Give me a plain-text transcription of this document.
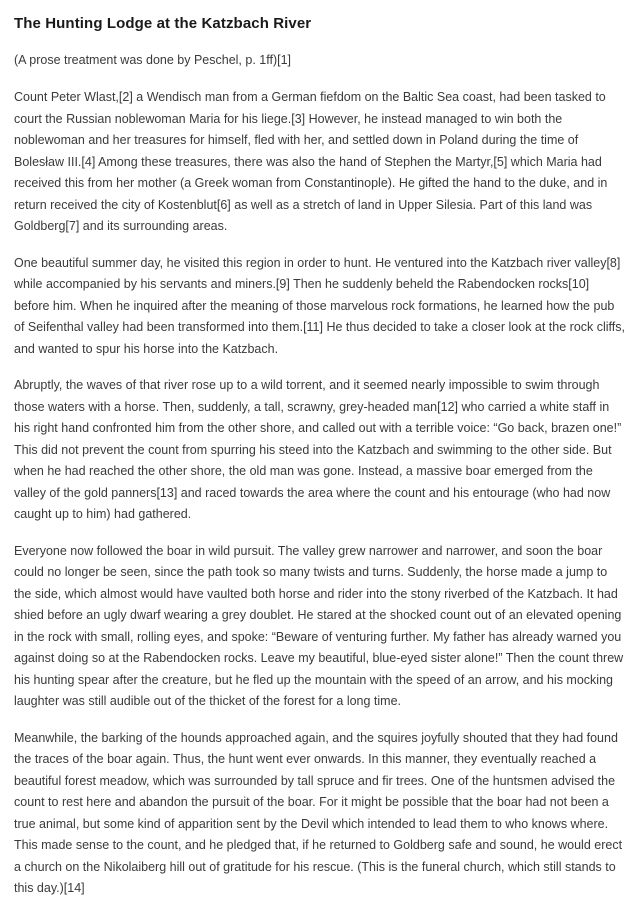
The Hunting Lodge at the Katzbach River

(A prose treatment was done by Peschel, p. 1ff)[1]

Count Peter Wlast,[2] a Wendisch man from a German fiefdom on the Baltic Sea coast, had been tasked to court the Russian noblewoman Maria for his liege.[3] However, he instead managed to win both the noblewoman and her treasures for himself, fled with her, and settled down in Poland during the time of Bolesław III.[4] Among these treasures, there was also the hand of Stephen the Martyr,[5] which Maria had received this from her mother (a Greek woman from Constantinople). He gifted the hand to the duke, and in return received the city of Kostenblut[6] as well as a stretch of land in Upper Silesia. Part of this land was Goldberg[7] and its surrounding areas.

One beautiful summer day, he visited this region in order to hunt. He ventured into the Katzbach river valley[8] while accompanied by his servants and miners.[9] Then he suddenly beheld the Rabendocken rocks[10] before him. When he inquired after the meaning of those marvelous rock formations, he learned how the pub of Seifenthal valley had been transformed into them.[11] He thus decided to take a closer look at the rock cliffs, and wanted to spur his horse into the Katzbach.

Abruptly, the waves of that river rose up to a wild torrent, and it seemed nearly impossible to swim through those waters with a horse. Then, suddenly, a tall, scrawny, grey-headed man[12] who carried a white staff in his right hand confronted him from the other shore, and called out with a terrible voice: “Go back, brazen one!” This did not prevent the count from spurring his steed into the Katzbach and swimming to the other side. But when he had reached the other shore, the old man was gone. Instead, a massive boar emerged from the valley of the gold panners[13] and raced towards the area where the count and his entourage (who had now caught up to him) had gathered.

Everyone now followed the boar in wild pursuit. The valley grew narrower and narrower, and soon the boar could no longer be seen, since the path took so many twists and turns. Suddenly, the horse made a jump to the side, which almost would have vaulted both horse and rider into the stony riverbed of the Katzbach. It had shied before an ugly dwarf wearing a grey doublet. He stared at the shocked count out of an elevated opening in the rock with small, rolling eyes, and spoke: “Beware of venturing further. My father has already warned you against doing so at the Rabendocken rocks. Leave my beautiful, blue-eyed sister alone!” Then the count threw his hunting spear after the creature, but he fled up the mountain with the speed of an arrow, and his mocking laughter was still audible out of the thicket of the forest for a long time.

Meanwhile, the barking of the hounds approached again, and the squires joyfully shouted that they had found the traces of the boar again. Thus, the hunt went ever onwards. In this manner, they eventually reached a beautiful forest meadow, which was surrounded by tall spruce and fir trees. One of the huntsmen advised the count to rest here and abandon the pursuit of the boar. For it might be possible that the boar had not been a true animal, but some kind of apparition sent by the Devil which intended to lead them to who knows where. This made sense to the count, and he pledged that, if he returned to Goldberg safe and sound, he would erect a church on the Nikolaiberg hill out of gratitude for his rescue. (This is the funeral church, which still stands to this day.)[14]
